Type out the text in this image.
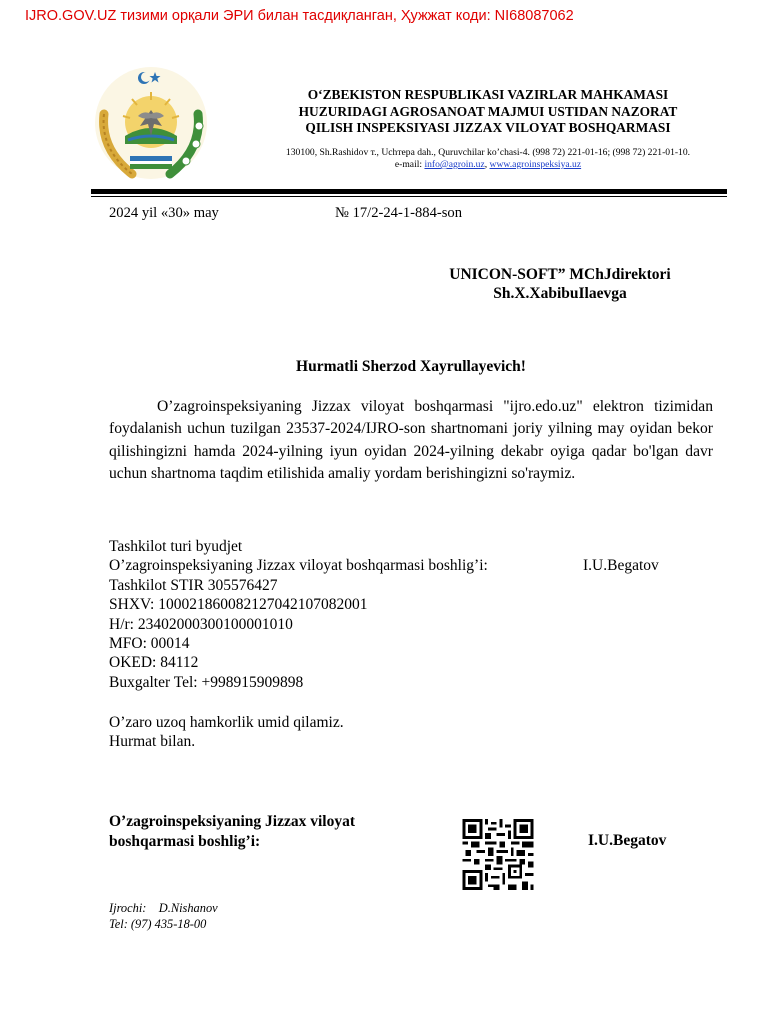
IJRO.GOV.UZ тизими орқали ЭРИ билан тасдиқланган, Ҳужжат коди: NI68087062
O‘ZBEKISTON RESPUBLIKASI VAZIRLAR MAHKAMASI
HUZURIDAGI AGROSANOAT MAJMUI USTIDAN NAZORAT
QILISH INSPEKSIYASI JIZZAX VILOYAT BOSHQARMASI
130100, Sh.Rashidov т., Uchтepa dah., Quruvchilar ko’chasi-4. (998 72) 221-01-16; (998 72) 221-01-10.
e-mail: info@agroin.uz, www.agroinspeksiya.uz
2024 yil «30» may	№ 17/2-24-1-884-son
UNICON-SOFT” MChJdirektori
Sh.X.XabibuIlaevga
Hurmatli Sherzod Xayrullayevich!
O’zagroinspeksiyaning Jizzax viloyat boshqarmasi "ijro.edo.uz" elektron tizimidan foydalanish uchun tuzilgan 23537-2024/IJRO-son shartnomani joriy yilning may oyidan bekor qilishingizni hamda 2024-yilning iyun oyidan 2024-yilning dekabr oyiga qadar bo'lgan davr uchun shartnoma taqdim etilishida amaliy yordam berishingizni so'raymiz.
Tashkilot turi byudjet
O’zagroinspeksiyaning Jizzax viloyat boshqarmasi boshlig’i:	I.U.Begatov
Tashkilot STIR 305576427
SHXV: 100021860082127042107082001
H/r: 23402000300100001010
MFO: 00014
OKED: 84112
Buxgalter Tel: +998915909898
O’zaro uzoq hamkorlik umid qilamiz.
Hurmat bilan.
O’zagroinspeksiyaning Jizzax viloyat
boshqarmasi boshlig’i:	I.U.Begatov
Ijrochi: D.Nishanov
Tel: (97) 435-18-00
